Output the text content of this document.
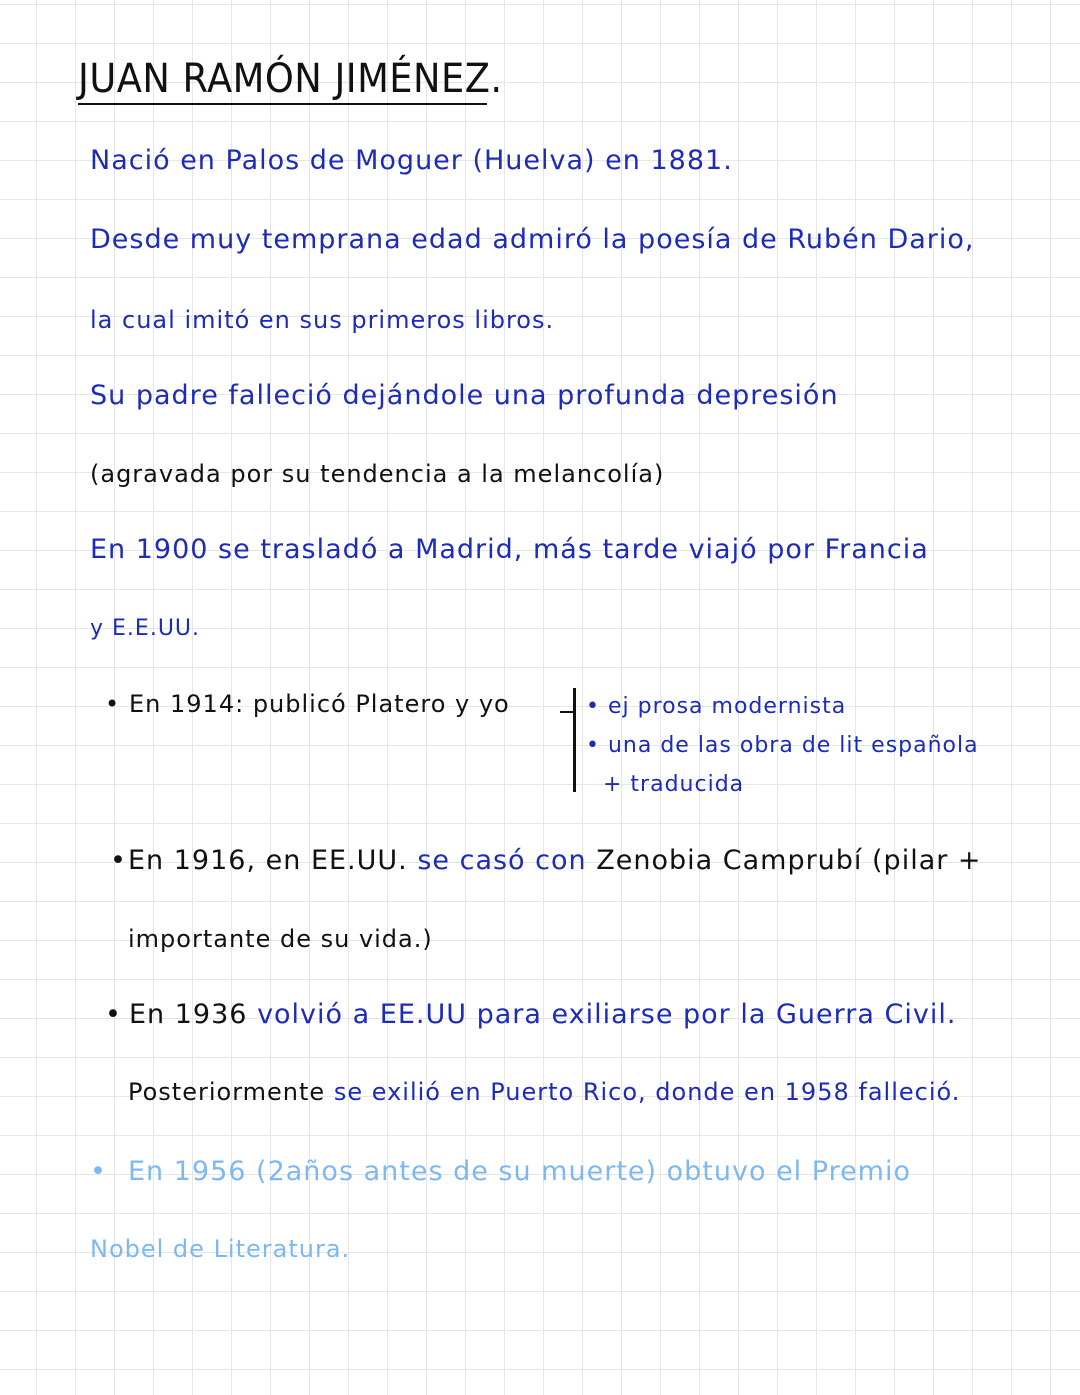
JUAN RAMÓN JIMÉNEZ.

Nació en Palos de Moguer (Huelva) en 1881.

Desde muy temprana edad admiró la poesía de Rubén Dario,

la cual imitó en sus primeros libros.

Su padre falleció dejándole una profunda depresión

(agravada por su tendencia a la melancolía)

En 1900 se trasladó a Madrid, más tarde viajó por Francia

y E.E.UU.

• En 1914: publicó Platero y yo	• ej prosa modernista

• una de las obra de lit española

+ traducida

•En 1916, en EE.UU. se casó con Zenobia Camprubí (pilar +

importante de su vida.)

• En 1936 volvió a EE.UU para exiliarse por la Guerra Civil.

Posteriormente se exilió en Puerto Rico, donde en 1958 falleció.

• En 1956 (2años antes de su muerte) obtuvo el Premio

Nobel de Literatura.
